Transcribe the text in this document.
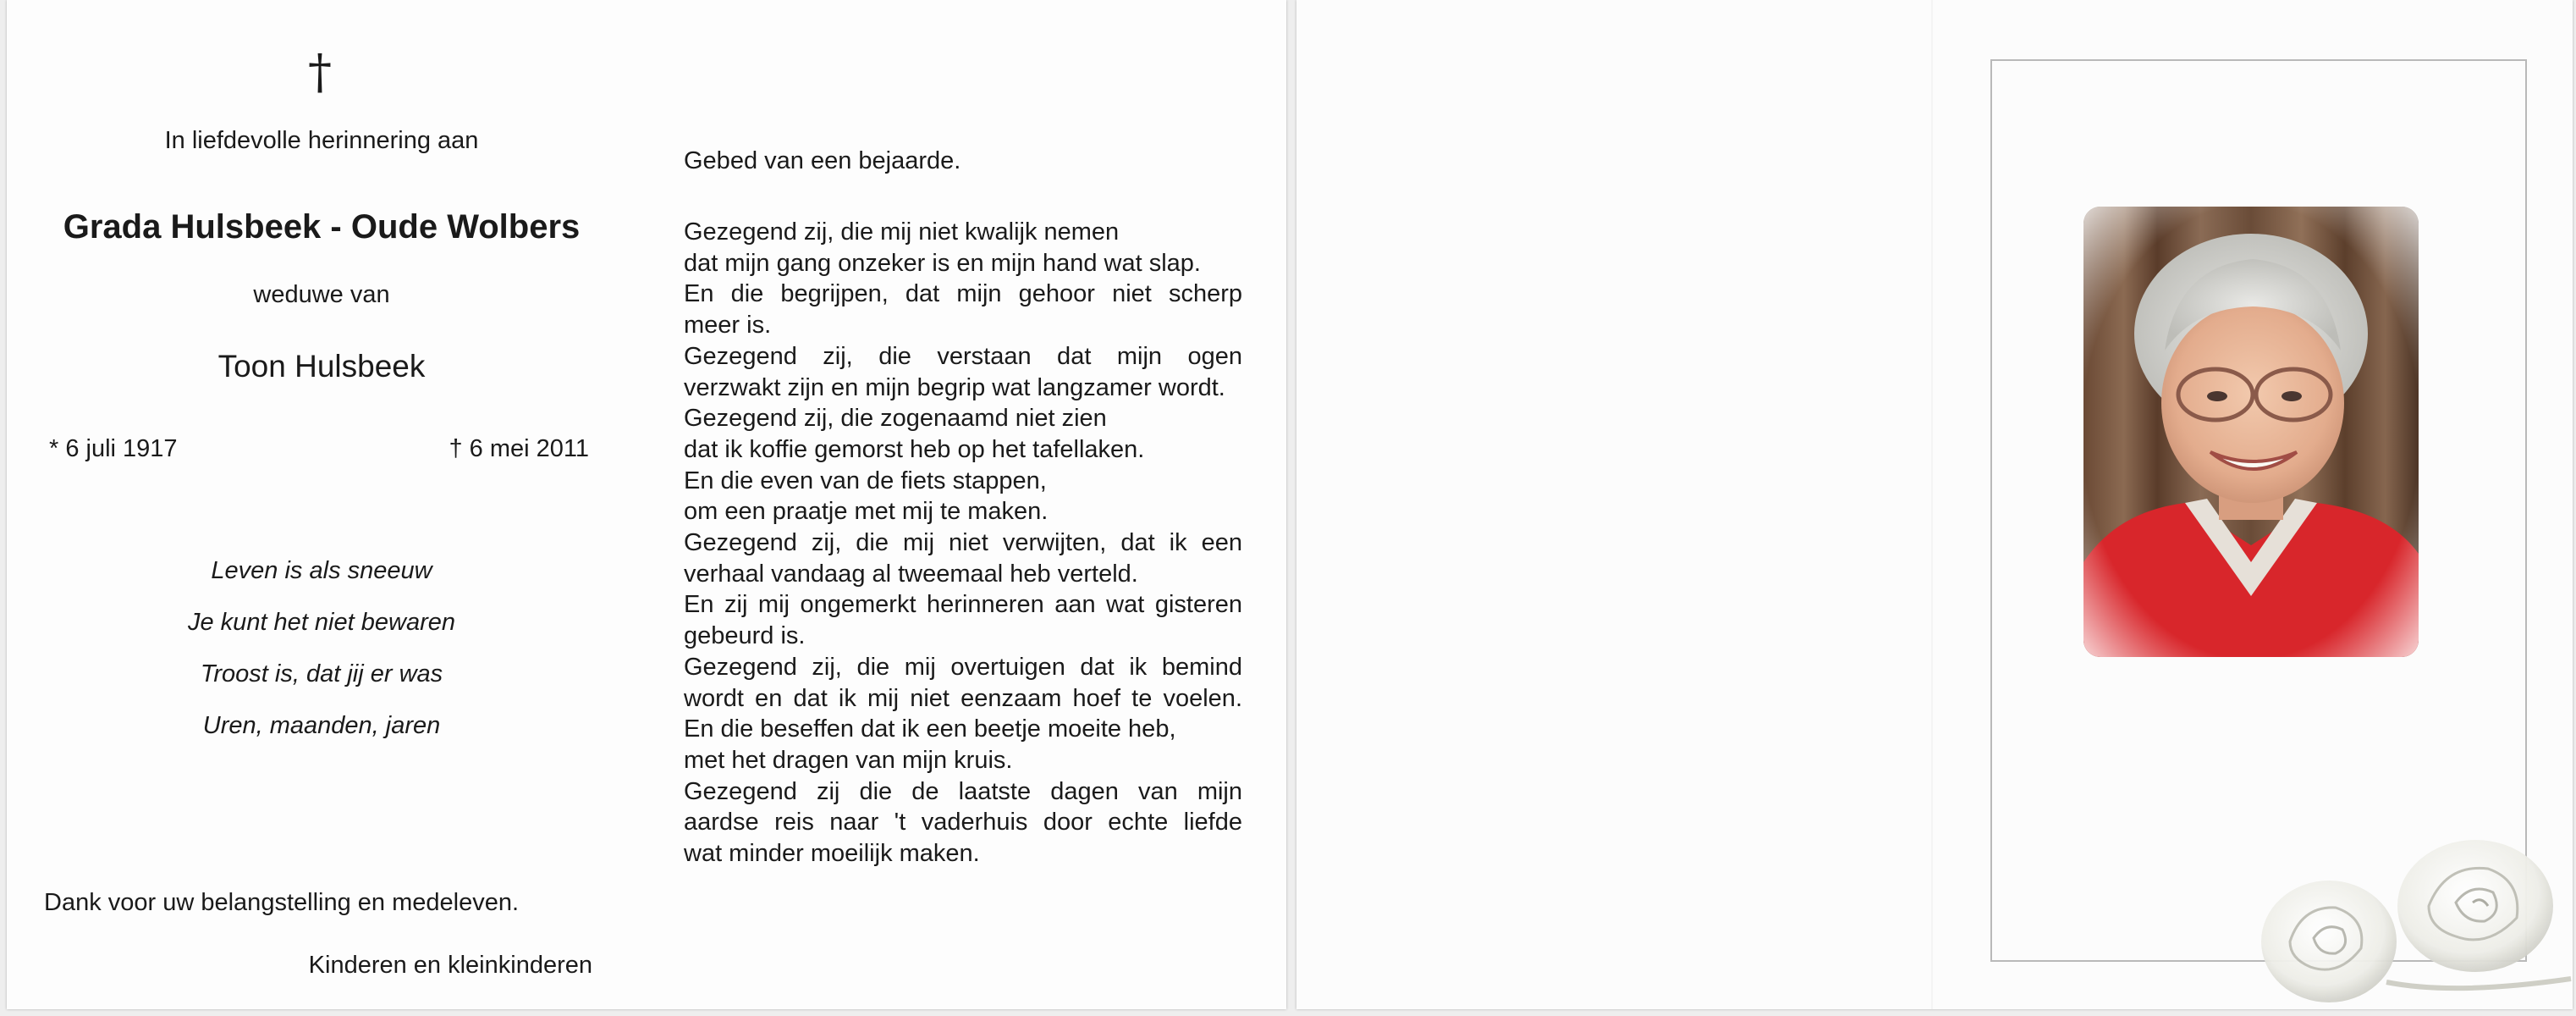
†
In liefdevolle herinnering aan
Grada Hulsbeek - Oude Wolbers
weduwe van
Toon Hulsbeek
* 6 juli 1917	† 6 mei 2011
Leven is als sneeuw
Je kunt het niet bewaren
Troost is, dat jij er was
Uren, maanden, jaren
Dank voor uw belangstelling en medeleven.
Kinderen en kleinkinderen
Gebed van een bejaarde.
Gezegend zij, die mij niet kwalijk nemen
dat mijn gang onzeker is en mijn hand wat slap.
En die begrijpen, dat mijn gehoor niet scherp
meer is.
Gezegend zij, die verstaan dat mijn ogen
verzwakt zijn en mijn begrip wat langzamer wordt.
Gezegend zij, die zogenaamd niet zien
dat ik koffie gemorst heb op het tafellaken.
En die even van de fiets stappen,
om een praatje met mij te maken.
Gezegend zij, die mij niet verwijten, dat ik een
verhaal vandaag al tweemaal heb verteld.
En zij mij ongemerkt herinneren aan wat gisteren
gebeurd is.
Gezegend zij, die mij overtuigen dat ik bemind
wordt en dat ik mij niet eenzaam hoef te voelen.
En die beseffen dat ik een beetje moeite heb,
met het dragen van mijn kruis.
Gezegend zij die de laatste dagen van mijn
aardse reis naar 't vaderhuis door echte liefde
wat minder moeilijk maken.
